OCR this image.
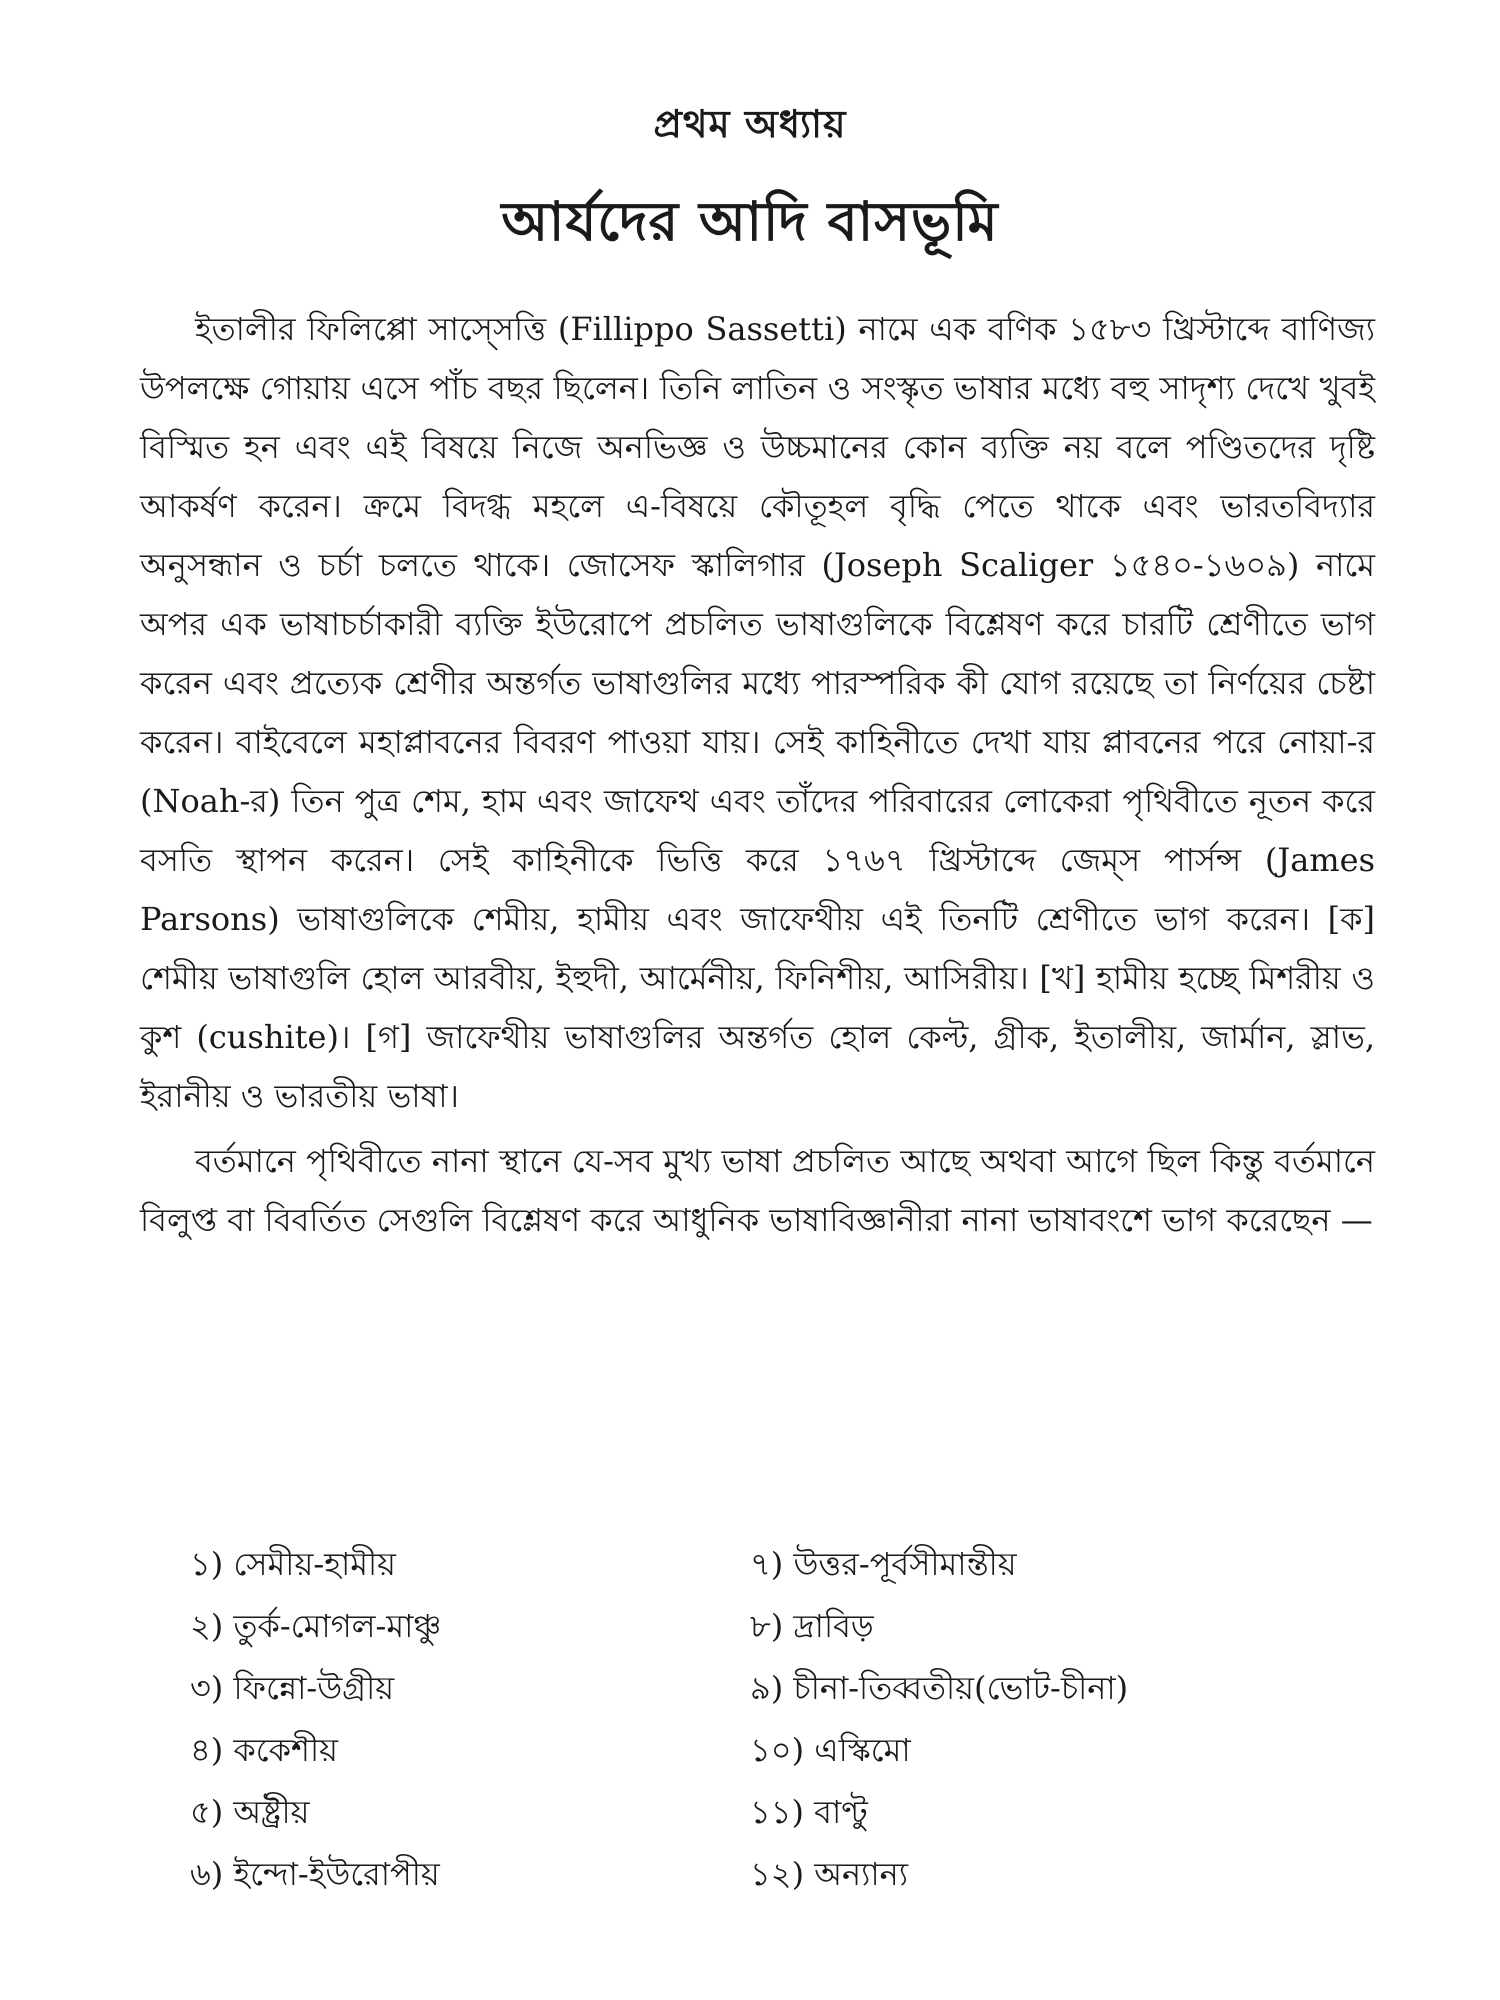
প্রথম অধ্যায়
আর্যদের আদি বাসভূমি

ইতালীর ফিলিপ্পো সাস্সেত্তি (Fillippo Sassetti) নামে এক বণিক ১৫৮৩ খ্রিস্টাব্দে বাণিজ্য উপলক্ষে গোয়ায় এসে পাঁচ বছর ছিলেন। তিনি লাতিন ও সংস্কৃত ভাষার মধ্যে বহু সাদৃশ্য দেখে খুবই বিস্মিত হন এবং এই বিষয়ে নিজে অনভিজ্ঞ ও উচ্চমানের কোন ব্যক্তি নয় বলে পণ্ডিতদের দৃষ্টি আকর্ষণ করেন। ক্রমে বিদগ্ধ মহলে এ-বিষয়ে কৌতূহল বৃদ্ধি পেতে থাকে এবং ভারতবিদ্যার অনুসন্ধান ও চর্চা চলতে থাকে। জোসেফ স্কালিগার (Joseph Scaliger ১৫৪০-১৬০৯) নামে অপর এক ভাষাচর্চাকারী ব্যক্তি ইউরোপে প্রচলিত ভাষাগুলিকে বিশ্লেষণ করে চারটি শ্রেণীতে ভাগ করেন এবং প্রত্যেক শ্রেণীর অন্তর্গত ভাষাগুলির মধ্যে পারস্পরিক কী যোগ রয়েছে তা নির্ণয়ের চেষ্টা করেন। বাইবেলে মহাপ্লাবনের বিবরণ পাওয়া যায়। সেই কাহিনীতে দেখা যায় প্লাবনের পরে নোয়া-র (Noah-র) তিন পুত্র শেম, হাম এবং জাফেথ এবং তাঁদের পরিবারের লোকেরা পৃথিবীতে নূতন করে বসতি স্থাপন করেন। সেই কাহিনীকে ভিত্তি করে ১৭৬৭ খ্রিস্টাব্দে জেম্স পার্সন্স (James Parsons) ভাষাগুলিকে শেমীয়, হামীয় এবং জাফেথীয় এই তিনটি শ্রেণীতে ভাগ করেন। [ক] শেমীয় ভাষাগুলি হোল আরবীয়, ইহুদী, আর্মেনীয়, ফিনিশীয়, আসিরীয়। [খ] হামীয় হচ্ছে মিশরীয় ও কুশ (cushite)। [গ] জাফেথীয় ভাষাগুলির অন্তর্গত হোল কেল্ট, গ্রীক, ইতালীয়, জার্মান, স্লাভ, ইরানীয় ও ভারতীয় ভাষা।

বর্তমানে পৃথিবীতে নানা স্থানে যে-সব মুখ্য ভাষা প্রচলিত আছে অথবা আগে ছিল কিন্তু বর্তমানে বিলুপ্ত বা বিবর্তিত সেগুলি বিশ্লেষণ করে আধুনিক ভাষাবিজ্ঞানীরা নানা ভাষাবংশে ভাগ করেছেন —

১) সেমীয়-হামীয়	৭) উত্তর-পূর্বসীমান্তীয়
২) তুর্ক-মোগল-মাঞ্চু	৮) দ্রাবিড়
৩) ফিন্নো-উগ্রীয়	৯) চীনা-তিব্বতীয়(ভোট-চীনা)
৪) ককেশীয়	১০) এস্কিমো
৫) অষ্ট্রীয়	১১) বাণ্টু
৬) ইন্দো-ইউরোপীয়	১২) অন্যান্য
